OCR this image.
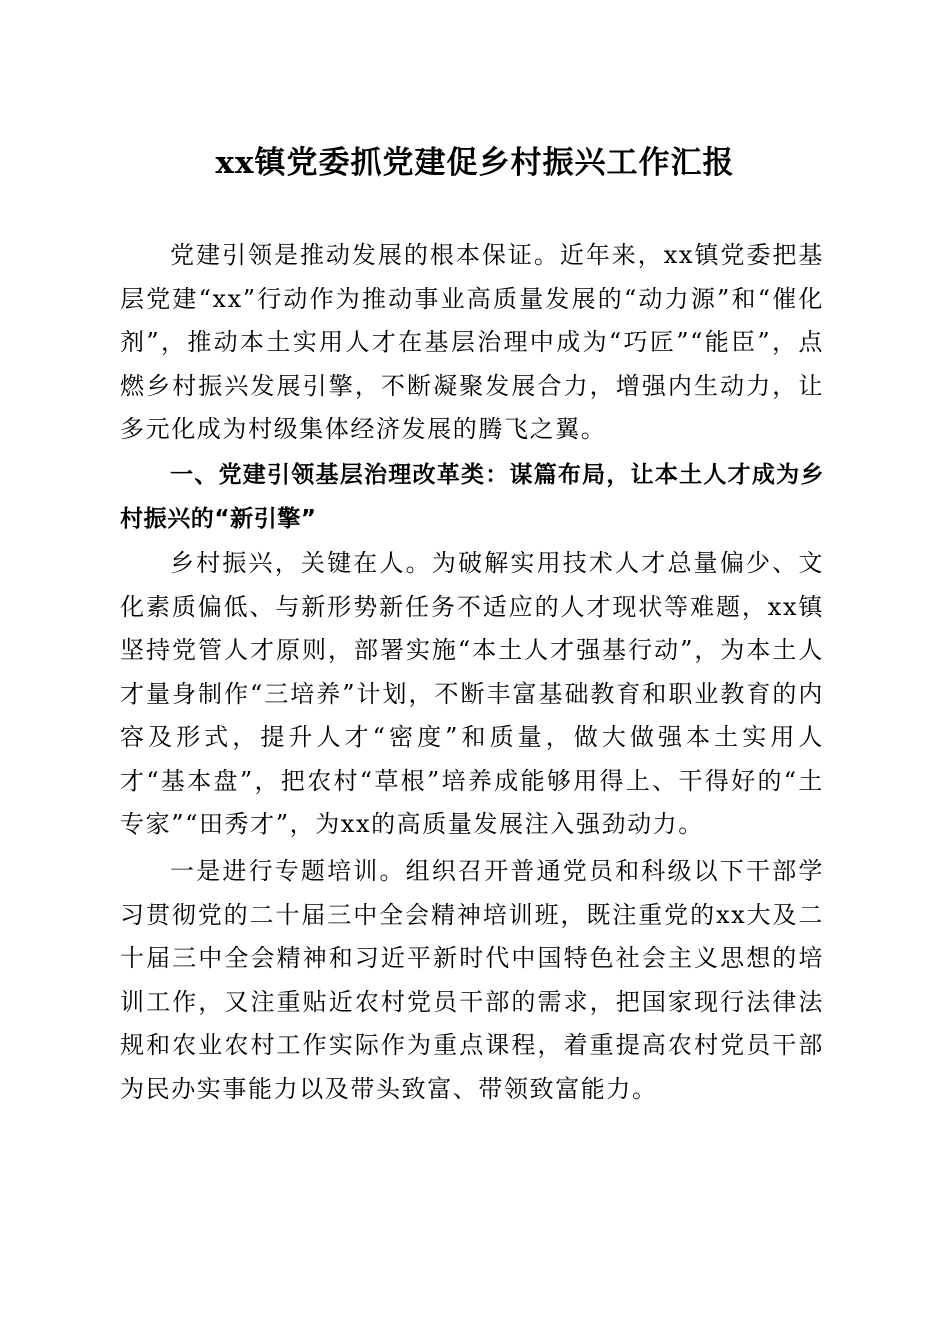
xx镇党委抓党建促乡村振兴工作汇报

党建引领是推动发展的根本保证。近年来，xx镇党委把基层党建“xx”行动作为推动事业高质量发展的“动力源”和“催化剂”，推动本土实用人才在基层治理中成为“巧匠”“能臣”，点燃乡村振兴发展引擎，不断凝聚发展合力，增强内生动力，让多元化成为村级集体经济发展的腾飞之翼。

一、党建引领基层治理改革类：谋篇布局，让本土人才成为乡村振兴的“新引擎”

乡村振兴，关键在人。为破解实用技术人才总量偏少、文化素质偏低、与新形势新任务不适应的人才现状等难题，xx镇坚持党管人才原则，部署实施“本土人才强基行动”，为本土人才量身制作“三培养”计划，不断丰富基础教育和职业教育的内容及形式，提升人才“密度”和质量，做大做强本土实用人才“基本盘”，把农村“草根”培养成能够用得上、干得好的“土专家”“田秀才”，为xx的高质量发展注入强劲动力。

一是进行专题培训。组织召开普通党员和科级以下干部学习贯彻党的二十届三中全会精神培训班，既注重党的xx大及二十届三中全会精神和习近平新时代中国特色社会主义思想的培训工作，又注重贴近农村党员干部的需求，把国家现行法律法规和农业农村工作实际作为重点课程，着重提高农村党员干部为民办实事能力以及带头致富、带领致富能力。
